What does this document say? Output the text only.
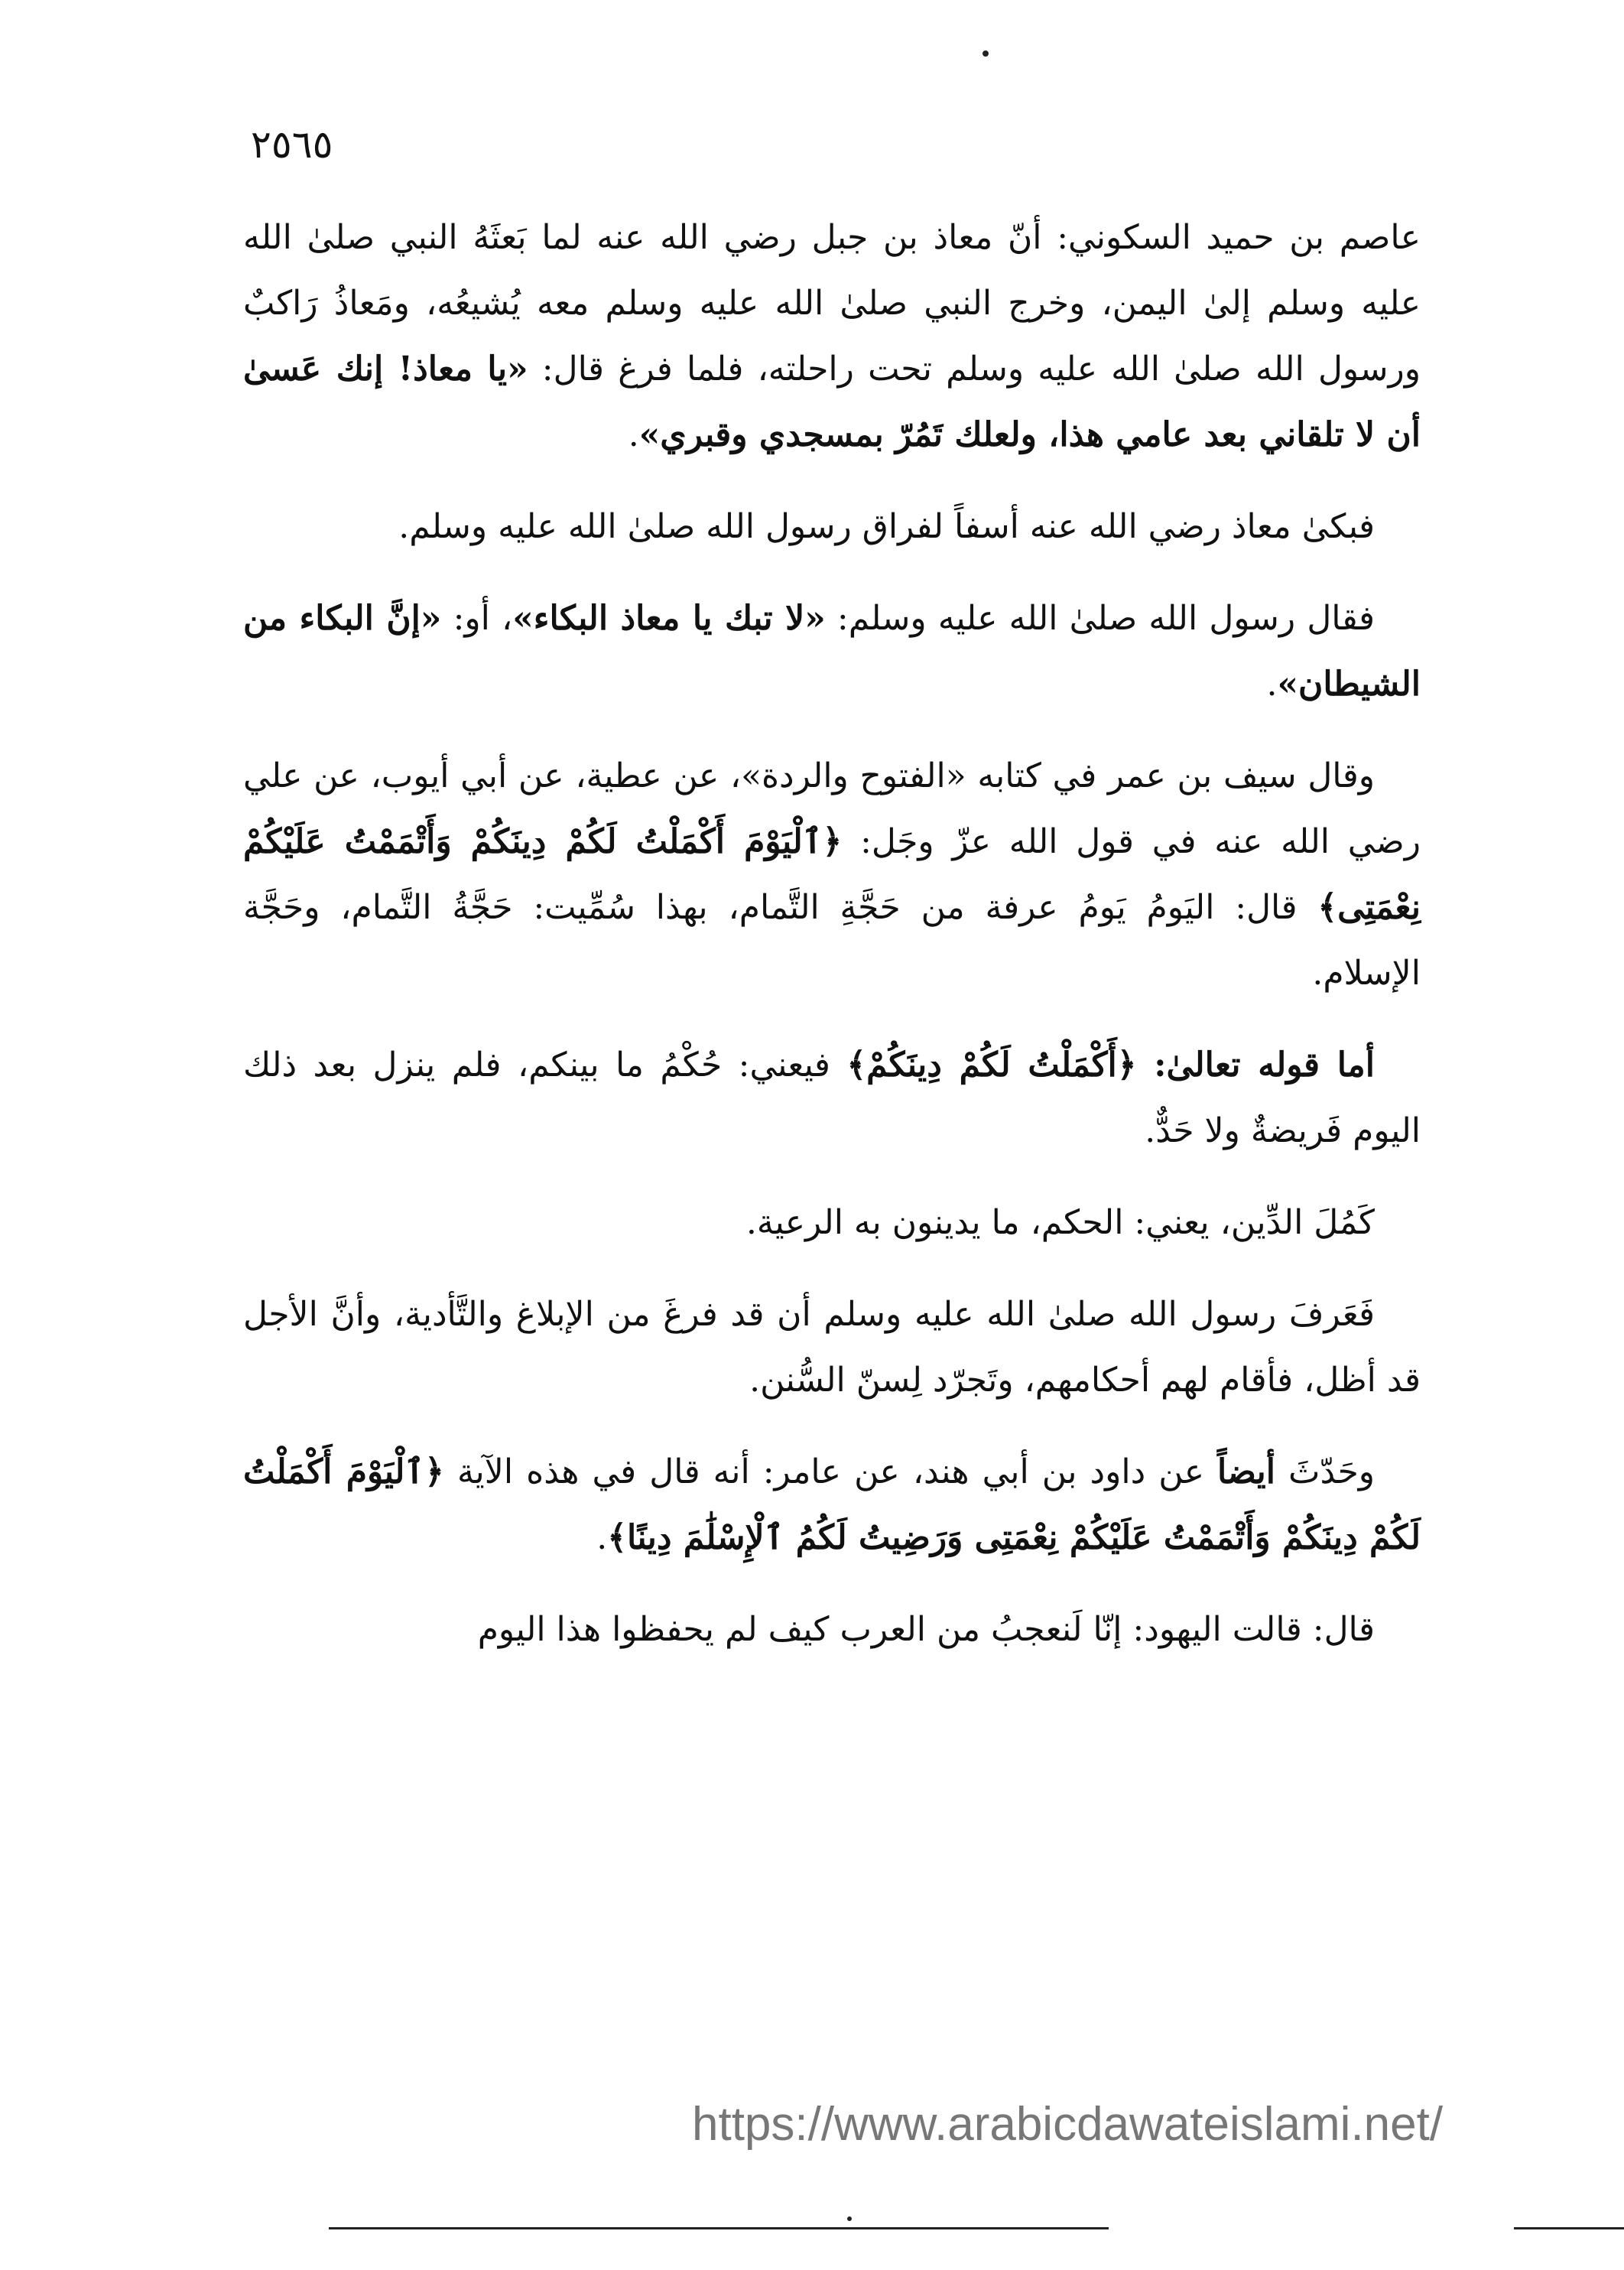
٢٥٦٥

عاصم بن حميد السكوني: أنّ معاذ بن جبل رضي الله عنه لما بَعثَهُ النبي صلىٰ الله عليه وسلم إلىٰ اليمن، وخرج النبي صلىٰ الله عليه وسلم معه يُشيعُه، ومَعاذُ رَاكبٌ ورسول الله صلىٰ الله عليه وسلم تحت راحلته، فلما فرغ قال: «يا معاذ! إنك عَسىٰ أن لا تلقاني بعد عامي هذا، ولعلك تَمُرّ بمسجدي وقبري».

فبكىٰ معاذ رضي الله عنه أسفاً لفراق رسول الله صلىٰ الله عليه وسلم.

فقال رسول الله صلىٰ الله عليه وسلم: «لا تبك يا معاذ البكاء»، أو: «إنَّ البكاء من الشيطان».

وقال سيف بن عمر في كتابه «الفتوح والردة»، عن عطية، عن أبي أيوب، عن علي رضي الله عنه في قول الله عزّ وجَل: ﴿ٱلْيَوْمَ أَكْمَلْتُ لَكُمْ دِينَكُمْ وَأَتْمَمْتُ عَلَيْكُمْ نِعْمَتِى﴾ قال: اليَومُ يَومُ عرفة من حَجَّةِ التَّمام، بهذا سُمِّيت: حَجَّةُ التَّمام، وحَجَّة الإسلام.

أما قوله تعالىٰ: ﴿أَكْمَلْتُ لَكُمْ دِينَكُمْ﴾ فيعني: حُكْمُ ما بينكم، فلم ينزل بعد ذلك اليوم فَريضةٌ ولا حَدٌّ.

كَمُلَ الدِّين، يعني: الحكم، ما يدينون به الرعية.

فَعَرفَ رسول الله صلىٰ الله عليه وسلم أن قد فرغَ من الإبلاغ والتَّأدية، وأنَّ الأجل قد أظل، فأقام لهم أحكامهم، وتَجرّد لِسنّ السُّنن.

وحَدّثَ أيضاً عن داود بن أبي هند، عن عامر: أنه قال في هذه الآية ﴿ٱلْيَوْمَ أَكْمَلْتُ لَكُمْ دِينَكُمْ وَأَتْمَمْتُ عَلَيْكُمْ نِعْمَتِى وَرَضِيتُ لَكُمُ ٱلْإِسْلَٰمَ دِينًا﴾.

قال: قالت اليهود: إنّا لَنعجبُ من العرب كيف لم يحفظوا هذا اليوم

https://www.arabicdawateislami.net/
